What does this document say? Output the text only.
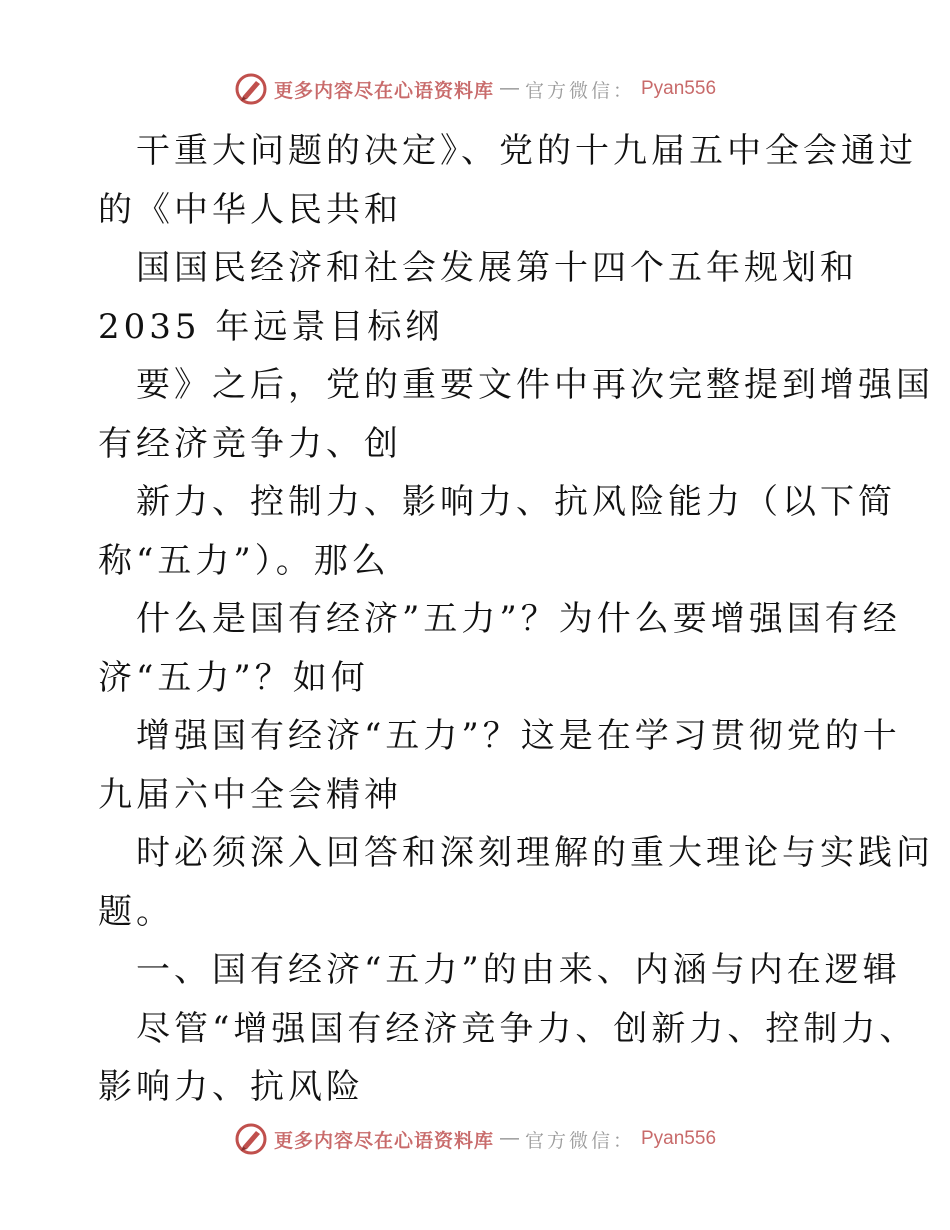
更多内容尽在心语资料库 — 官方微信： Pyan556
干重大问题的决定》、党的十九届五中全会通过
的《中华人民共和
国国民经济和社会发展第十四个五年规划和
2035 年远景目标纲
要》之后，党的重要文件中再次完整提到增强国
有经济竞争力、创
新力、控制力、影响力、抗风险能力（以下简
称“五力”）。那么
什么是国有经济”五力”？为什么要增强国有经
济“五力”？如何
增强国有经济“五力”？这是在学习贯彻党的十
九届六中全会精神
时必须深入回答和深刻理解的重大理论与实践问
题。
一、国有经济“五力”的由来、内涵与内在逻辑
尽管“增强国有经济竞争力、创新力、控制力、
影响力、抗风险
更多内容尽在心语资料库 — 官方微信： Pyan556
